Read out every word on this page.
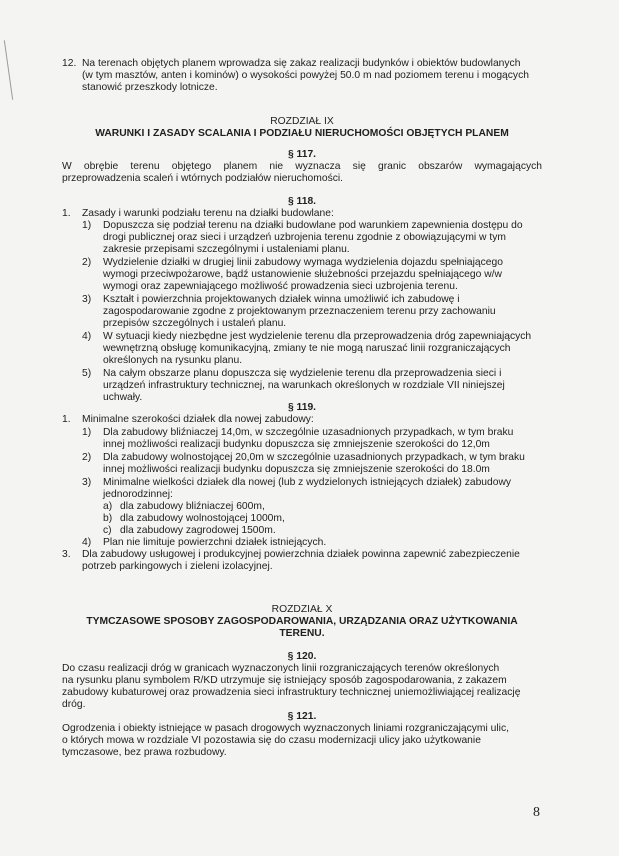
12. Na terenach objętych planem wprowadza się zakaz realizacji budynków i obiektów budowlanych
(w tym masztów, anten i kominów) o wysokości powyżej 50.0 m nad poziomem terenu i mogących
stanowić przeszkody lotnicze.
ROZDZIAŁ IX
WARUNKI I ZASADY SCALANIA I PODZIAŁU NIERUCHOMOŚCI OBJĘTYCH PLANEM
§ 117.
W obrębie terenu objętego planem nie wyznacza się granic obszarów wymagających
przeprowadzenia scaleń i wtórnych podziałów nieruchomości.
§ 118.
1. Zasady i warunki podziału terenu na działki budowlane:
1) Dopuszcza się podział terenu na działki budowlane pod warunkiem zapewnienia dostępu do
drogi publicznej oraz sieci i urządzeń uzbrojenia terenu zgodnie z obowiązującymi w tym
zakresie przepisami szczególnymi i ustaleniami planu.
2) Wydzielenie działki w drugiej linii zabudowy wymaga wydzielenia dojazdu spełniającego
wymogi przeciwpożarowe, bądź ustanowienie służebności przejazdu spełniającego w/w
wymogi oraz zapewniającego możliwość prowadzenia sieci uzbrojenia terenu.
3) Kształt i powierzchnia projektowanych działek winna umożliwić ich zabudowę i
zagospodarowanie zgodne z projektowanym przeznaczeniem terenu przy zachowaniu
przepisów szczególnych i ustaleń planu.
4) W sytuacji kiedy niezbędne jest wydzielenie terenu dla przeprowadzenia dróg zapewniających
wewnętrzną obsługę komunikacyjną, zmiany te nie mogą naruszać linii rozgraniczających
określonych na rysunku planu.
5) Na całym obszarze planu dopuszcza się wydzielenie terenu dla przeprowadzenia sieci i
urządzeń infrastruktury technicznej, na warunkach określonych w rozdziale VII niniejszej
uchwały.
§ 119.
1. Minimalne szerokości działek dla nowej zabudowy:
1) Dla zabudowy bliźniaczej 14,0m, w szczególnie uzasadnionych przypadkach, w tym braku
innej możliwości realizacji budynku dopuszcza się zmniejszenie szerokości do 12,0m
2) Dla zabudowy wolnostojącej 20,0m w szczególnie uzasadnionych przypadkach, w tym braku
innej możliwości realizacji budynku dopuszcza się zmniejszenie szerokości do 18.0m
3) Minimalne wielkości działek dla nowej (lub z wydzielonych istniejących działek) zabudowy
jednorodzinnej:
a) dla zabudowy bliźniaczej 600m,
b) dla zabudowy wolnostojącej 1000m,
c) dla zabudowy zagrodowej 1500m.
4) Plan nie limituje powierzchni działek istniejących.
3. Dla zabudowy usługowej i produkcyjnej powierzchnia działek powinna zapewnić zabezpieczenie
potrzeb parkingowych i zieleni izolacyjnej.
ROZDZIAŁ X
TYMCZASOWE SPOSOBY ZAGOSPODAROWANIA, URZĄDZANIA ORAZ UŻYTKOWANIA
TERENU.
§ 120.
Do czasu realizacji dróg w granicach wyznaczonych linii rozgraniczających terenów określonych
na rysunku planu symbolem R/KD utrzymuje się istniejący sposób zagospodarowania, z zakazem
zabudowy kubaturowej oraz prowadzenia sieci infrastruktury technicznej uniemożliwiającej realizację
dróg.
§ 121.
Ogrodzenia i obiekty istniejące w pasach drogowych wyznaczonych liniami rozgraniczającymi ulic,
o których mowa w rozdziale VI pozostawia się do czasu modernizacji ulicy jako użytkowanie
tymczasowe, bez prawa rozbudowy.
8
